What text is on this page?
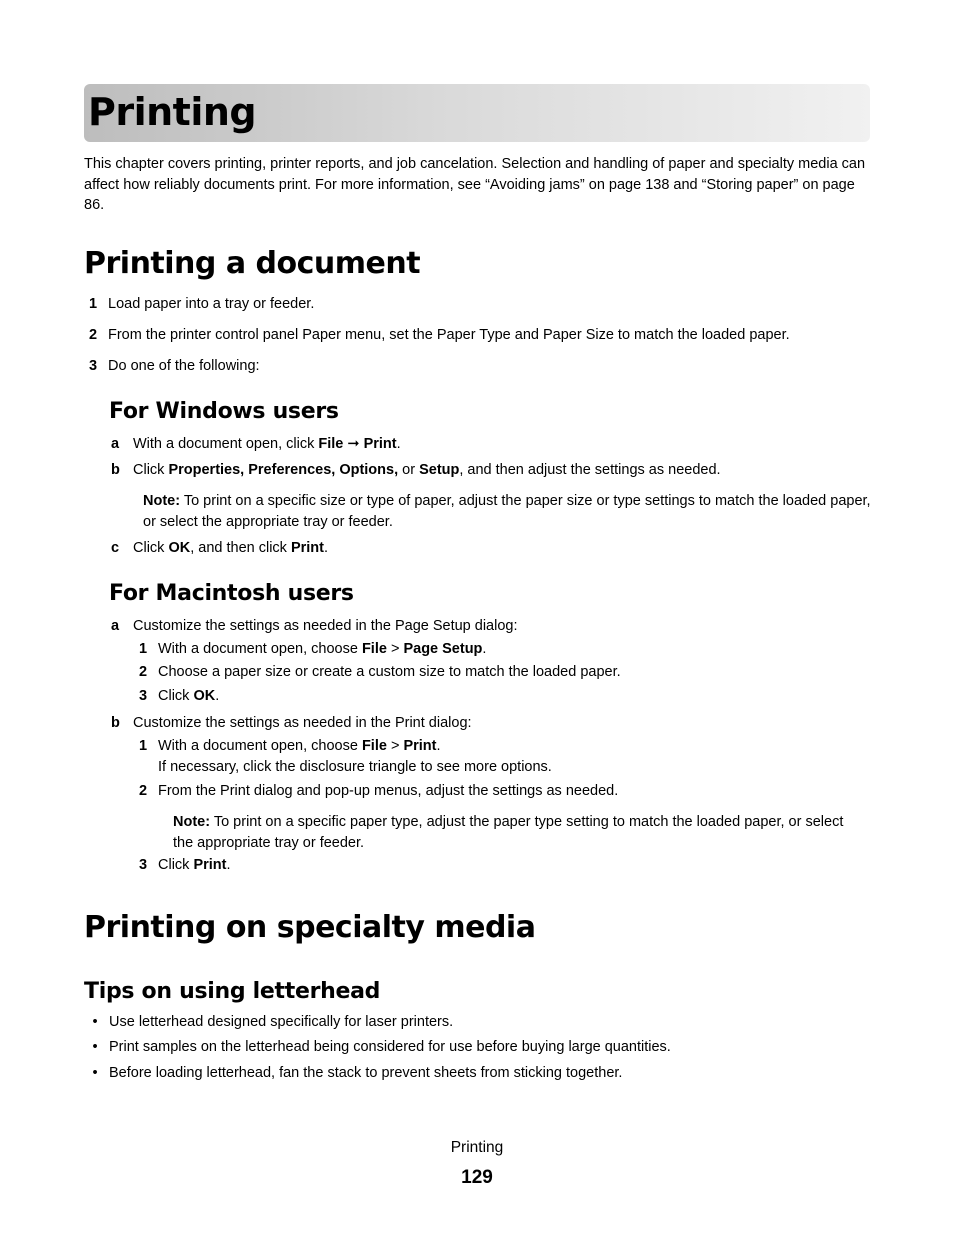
Printing
This chapter covers printing, printer reports, and job cancelation. Selection and handling of paper and specialty media can affect how reliably documents print. For more information, see “Avoiding jams” on page 138 and “Storing paper” on page 86.
Printing a document
1 Load paper into a tray or feeder.
2 From the printer control panel Paper menu, set the Paper Type and Paper Size to match the loaded paper.
3 Do one of the following:
For Windows users
a With a document open, click File ➞ Print.
b Click Properties, Preferences, Options, or Setup, and then adjust the settings as needed.
Note: To print on a specific size or type of paper, adjust the paper size or type settings to match the loaded paper, or select the appropriate tray or feeder.
c Click OK, and then click Print.
For Macintosh users
a Customize the settings as needed in the Page Setup dialog:
1 With a document open, choose File > Page Setup.
2 Choose a paper size or create a custom size to match the loaded paper.
3 Click OK.
b Customize the settings as needed in the Print dialog:
1 With a document open, choose File > Print.
If necessary, click the disclosure triangle to see more options.
2 From the Print dialog and pop-up menus, adjust the settings as needed.
Note: To print on a specific paper type, adjust the paper type setting to match the loaded paper, or select the appropriate tray or feeder.
3 Click Print.
Printing on specialty media
Tips on using letterhead
• Use letterhead designed specifically for laser printers.
• Print samples on the letterhead being considered for use before buying large quantities.
• Before loading letterhead, fan the stack to prevent sheets from sticking together.
Printing
129
